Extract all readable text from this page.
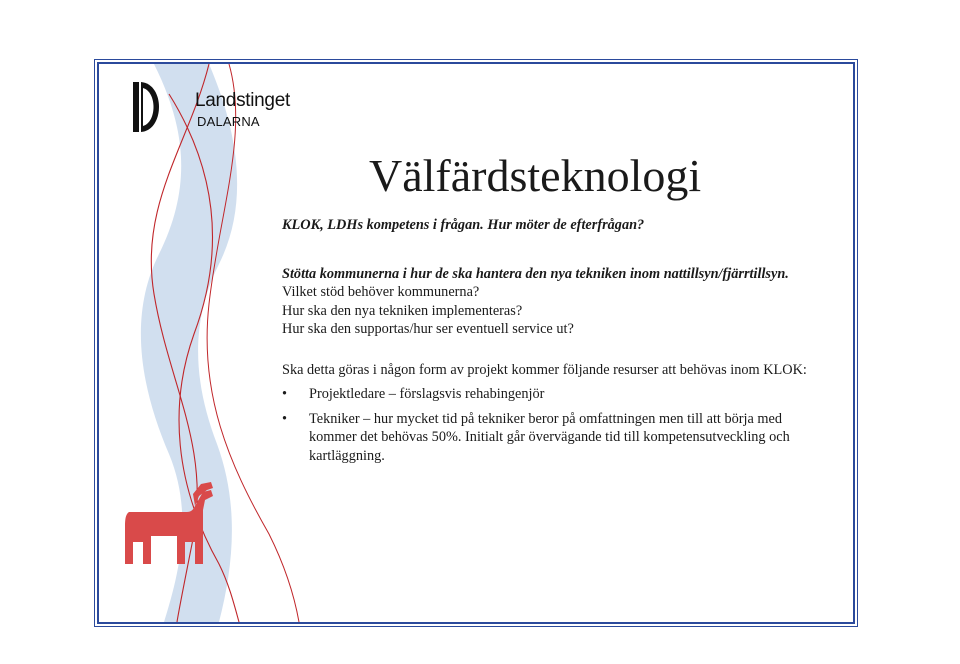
Landstinget
DALARNA
Välfärdsteknologi

KLOK, LDHs kompetens i frågan. Hur möter de efterfrågan?

Stötta kommunerna i hur de ska hantera den nya tekniken inom nattillsyn/fjärrtillsyn.

Vilket stöd behöver kommunerna?

Hur ska den nya tekniken implementeras?

Hur ska den supportas/hur ser eventuell service ut?

Ska detta göras i någon form av projekt kommer följande resurser att behövas inom KLOK:

• Projektledare – förslagsvis rehabingenjör
• Tekniker – hur mycket tid på tekniker beror på omfattningen men till att börja med kommer det behövas 50%. Initialt går övervägande tid till kompetensutveckling och kartläggning.
